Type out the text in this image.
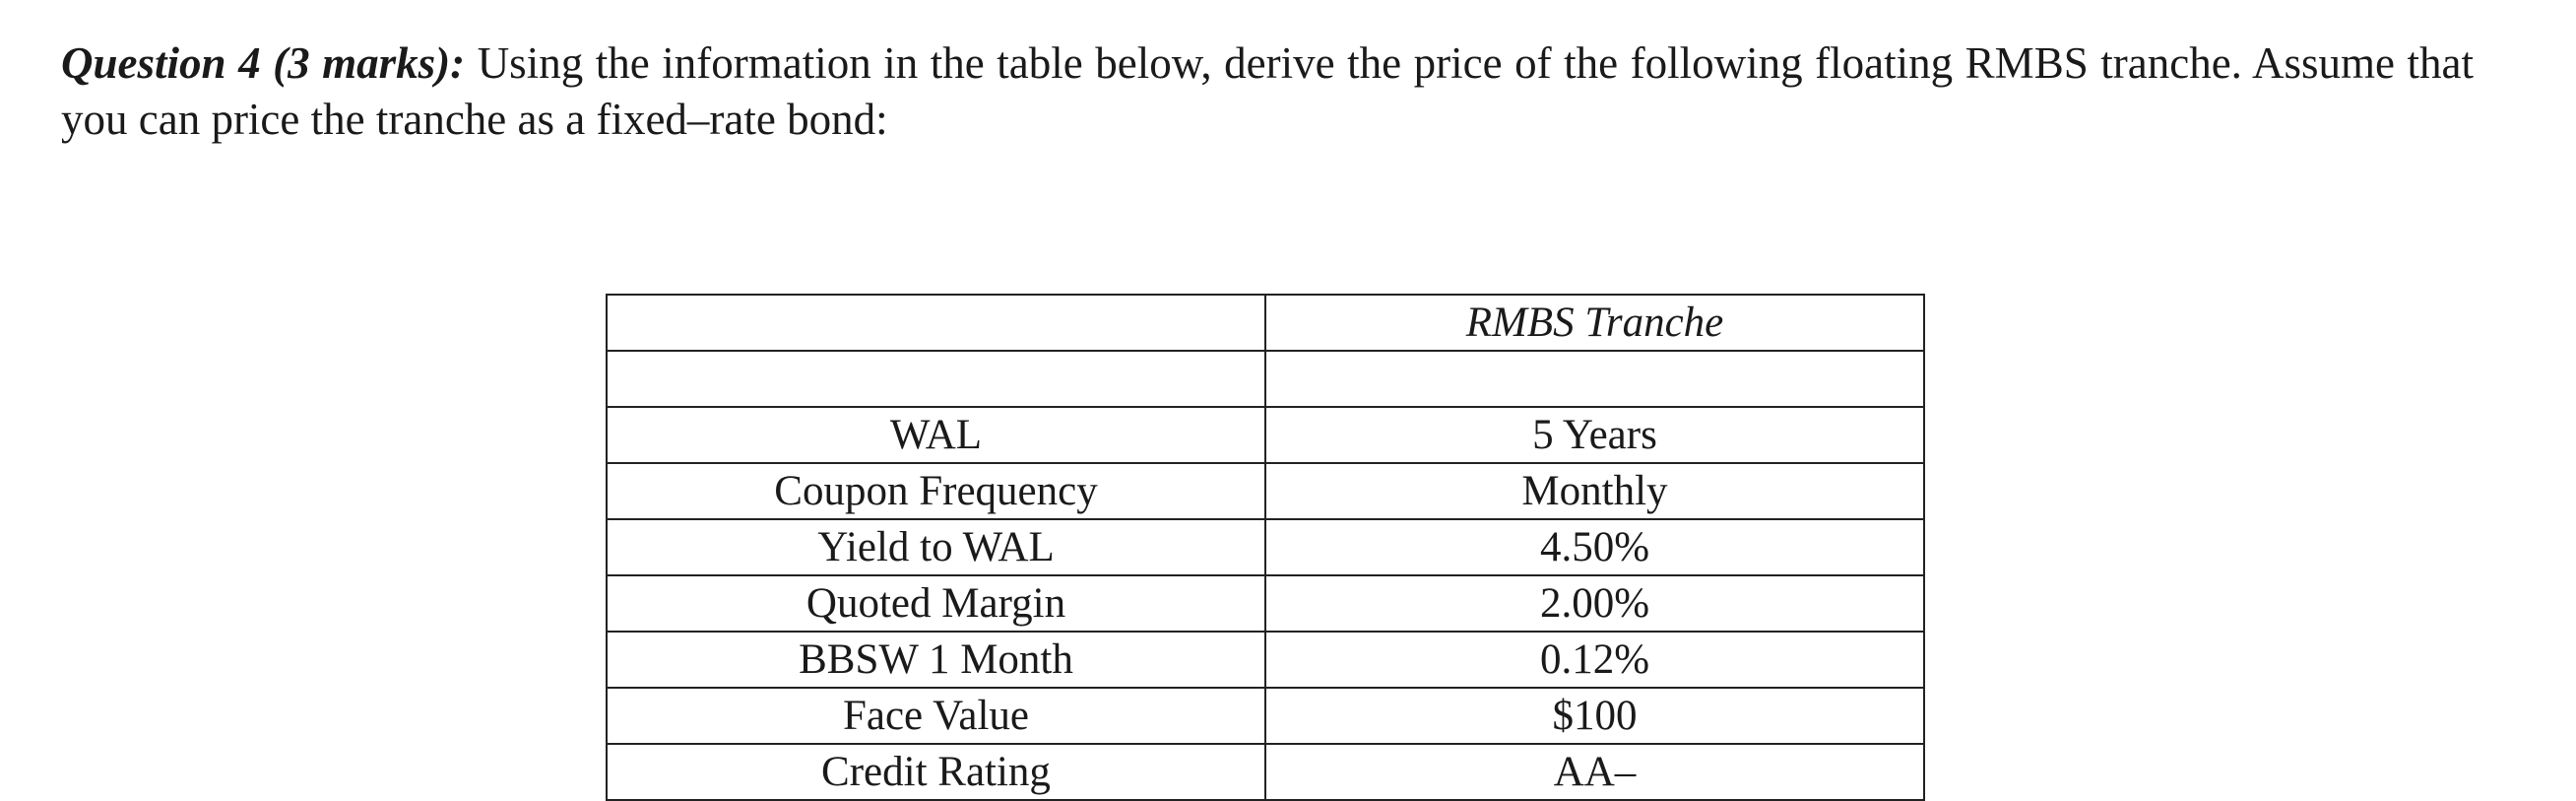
Question 4 (3 marks): Using the information in the table below, derive the price of the following floating RMBS tranche. Assume that you can price the tranche as a fixed–rate bond:
	RMBS Tranche

WAL	5 Years
Coupon Frequency	Monthly
Yield to WAL	4.50%
Quoted Margin	2.00%
BBSW 1 Month	0.12%
Face Value	$100
Credit Rating	AA–
